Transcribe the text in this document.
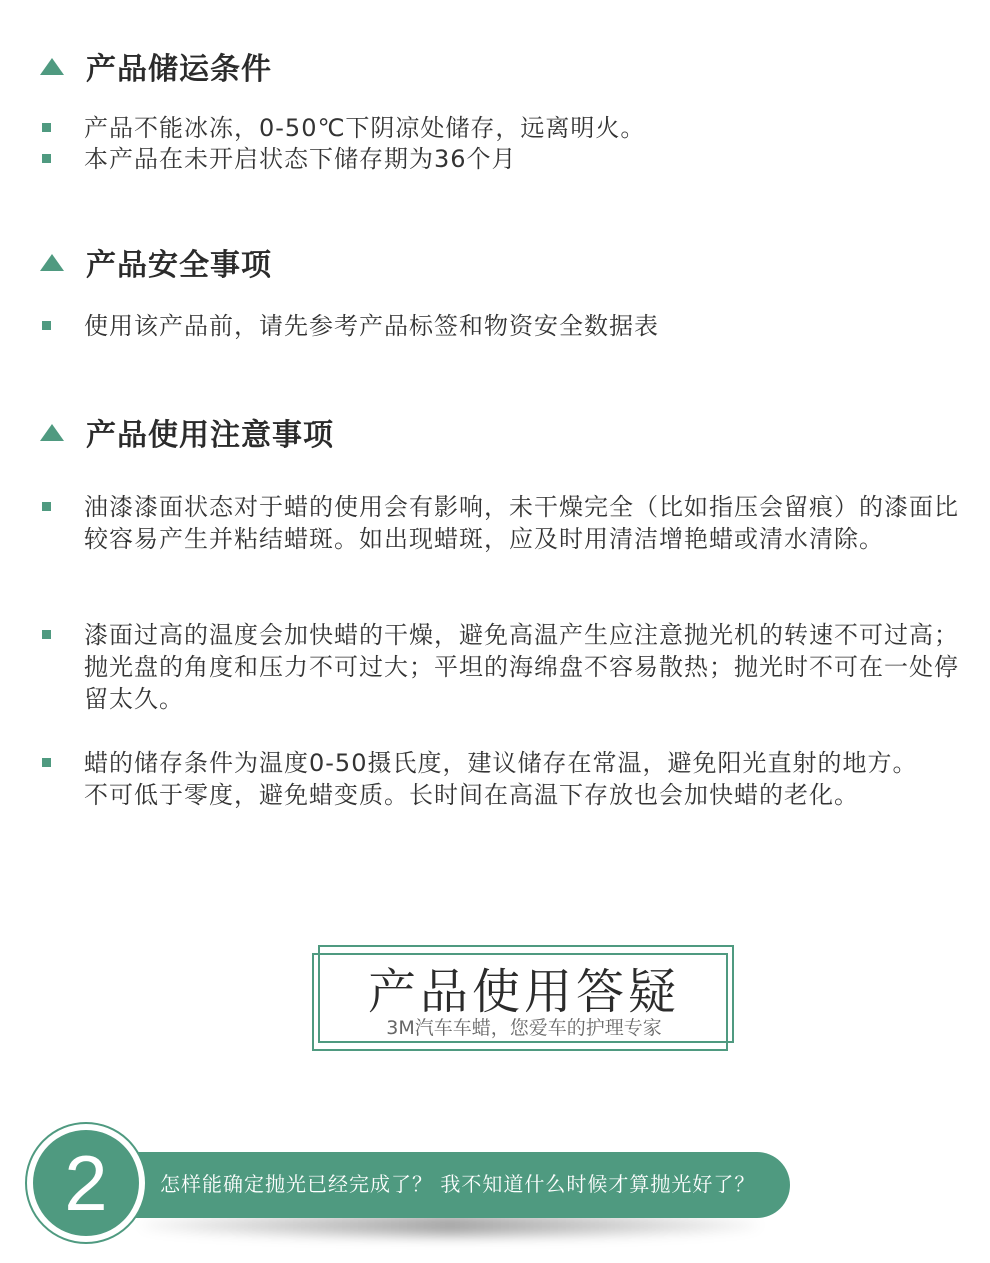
产品储运条件
产品不能冰冻，0-50℃下阴凉处储存，远离明火。
本产品在未开启状态下储存期为36个月
产品安全事项
使用该产品前，请先参考产品标签和物资安全数据表
产品使用注意事项
油漆漆面状态对于蜡的使用会有影响，未干燥完全（比如指压会留痕）的漆面比较容易产生并粘结蜡斑。如出现蜡斑，应及时用清洁增艳蜡或清水清除。
漆面过高的温度会加快蜡的干燥，避免高温产生应注意抛光机的转速不可过高；抛光盘的角度和压力不可过大；平坦的海绵盘不容易散热；抛光时不可在一处停留太久。
蜡的储存条件为温度0-50摄氏度，建议储存在常温，避免阳光直射的地方。
不可低于零度，避免蜡变质。长时间在高温下存放也会加快蜡的老化。
产品使用答疑
3M汽车车蜡，您爱车的护理专家
怎样能确定抛光已经完成了？ 我不知道什么时候才算抛光好了？
2
